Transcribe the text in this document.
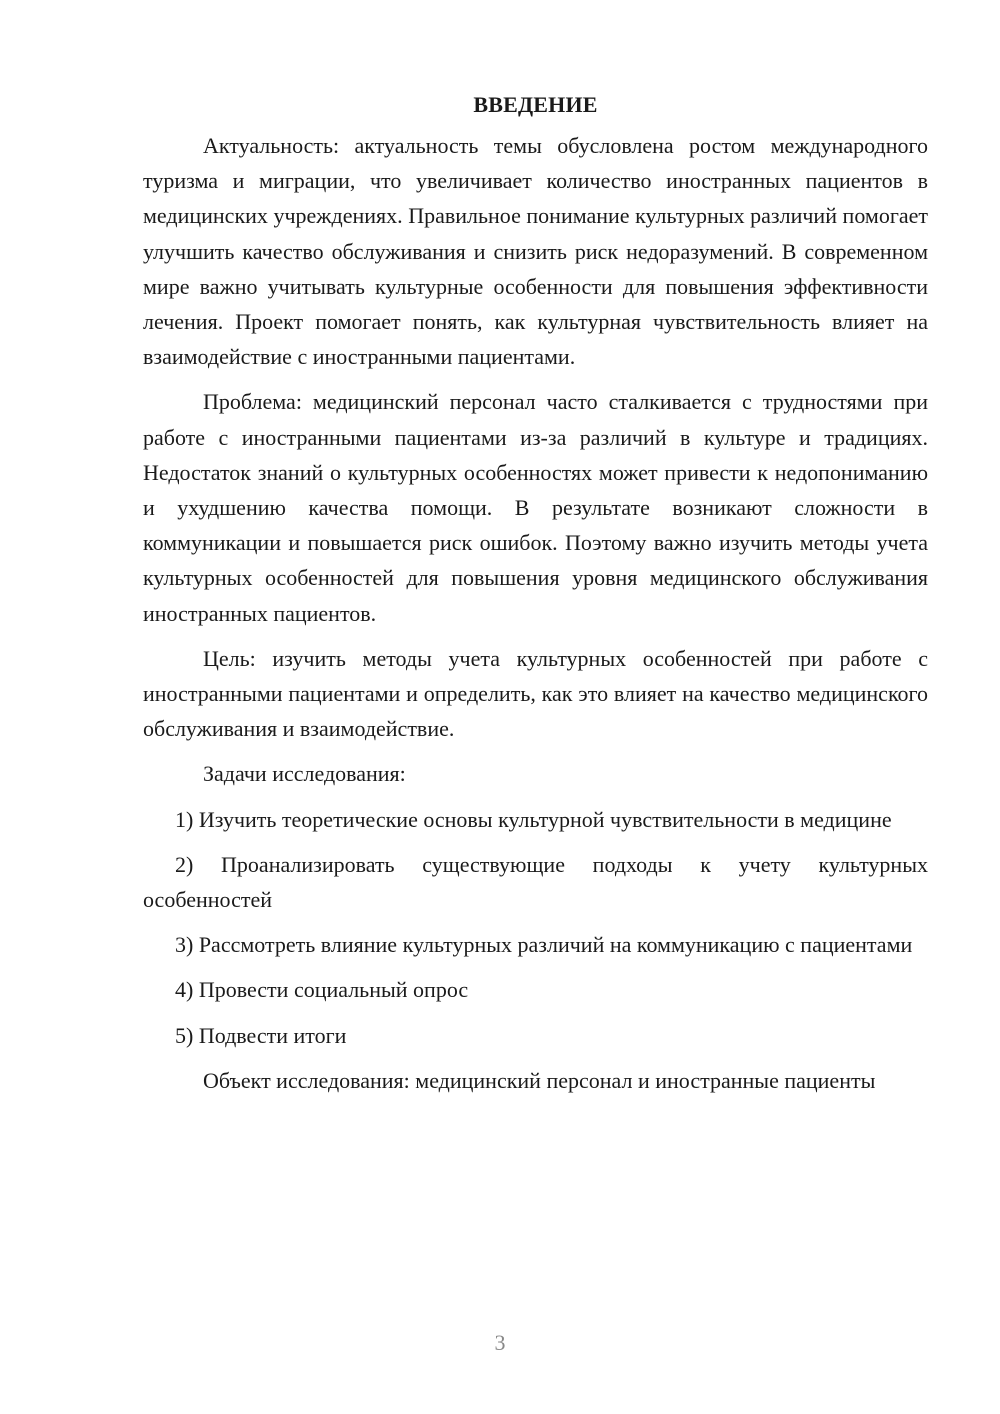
ВВЕДЕНИЕ

Актуальность: актуальность темы обусловлена ростом международного туризма и миграции, что увеличивает количество иностранных пациентов в медицинских учреждениях. Правильное понимание культурных различий помогает улучшить качество обслуживания и снизить риск недоразумений. В современном мире важно учитывать культурные особенности для повышения эффективности лечения. Проект помогает понять, как культурная чувствительность влияет на взаимодействие с иностранными пациентами.

Проблема: медицинский персонал часто сталкивается с трудностями при работе с иностранными пациентами из-за различий в культуре и традициях. Недостаток знаний о культурных особенностях может привести к недопониманию и ухудшению качества помощи. В результате возникают сложности в коммуникации и повышается риск ошибок. Поэтому важно изучить методы учета культурных особенностей для повышения уровня медицинского обслуживания иностранных пациентов.

Цель: изучить методы учета культурных особенностей при работе с иностранными пациентами и определить, как это влияет на качество медицинского обслуживания и взаимодействие.

Задачи исследования:

1) Изучить теоретические основы культурной чувствительности в медицине

2) Проанализировать существующие подходы к учету культурных особенностей

3) Рассмотреть влияние культурных различий на коммуникацию с пациентами

4) Провести социальный опрос

5) Подвести итоги

Объект исследования: медицинский персонал и иностранные пациенты

3
